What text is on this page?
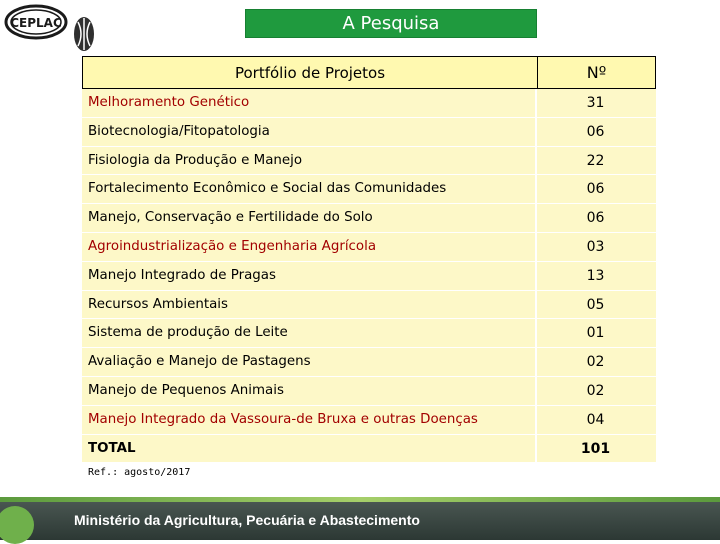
CEPLAC	A Pesquisa
Portfólio de Projetos	Nº
Melhoramento Genético	31
Biotecnologia/Fitopatologia	06
Fisiologia da Produção e Manejo	22
Fortalecimento Econômico e Social das Comunidades	06
Manejo, Conservação e Fertilidade do Solo	06
Agroindustrialização e Engenharia Agrícola	03
Manejo Integrado de Pragas	13
Recursos Ambientais	05
Sistema de produção de Leite	01
Avaliação e Manejo de Pastagens	02
Manejo de Pequenos Animais	02
Manejo Integrado da Vassoura-de Bruxa e outras Doenças	04
TOTAL	101
Ref.: agosto/2017
Ministério da Agricultura, Pecuária e Abastecimento
